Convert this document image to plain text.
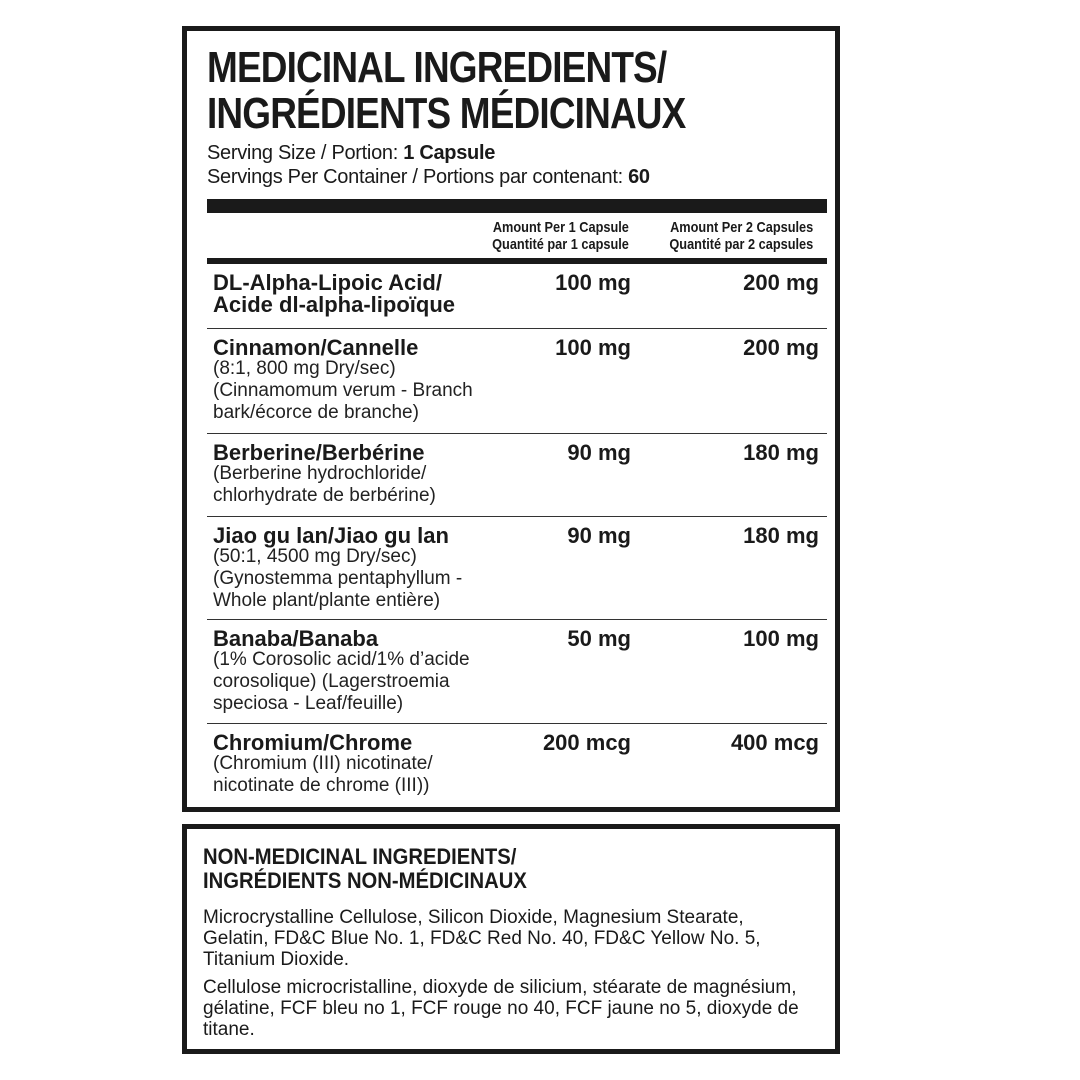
MEDICINAL INGREDIENTS/
INGRÉDIENTS MÉDICINAUX
Serving Size / Portion: 1 Capsule
Servings Per Container / Portions par contenant: 60
Amount Per 1 Capsule
Quantité par 1 capsule
Amount Per 2 Capsules
Quantité par 2 capsules
DL-Alpha-Lipoic Acid/
Acide dl-alpha-lipoïque
100 mg	200 mg
Cinnamon/Cannelle
(8:1, 800 mg Dry/sec)
(Cinnamomum verum - Branch
bark/écorce de branche)
100 mg	200 mg
Berberine/Berbérine
(Berberine hydrochloride/
chlorhydrate de berbérine)
90 mg	180 mg
Jiao gu lan/Jiao gu lan
(50:1, 4500 mg Dry/sec)
(Gynostemma pentaphyllum -
Whole plant/plante entière)
90 mg	180 mg
Banaba/Banaba
(1% Corosolic acid/1% d’acide
corosolique) (Lagerstroemia
speciosa - Leaf/feuille)
50 mg	100 mg
Chromium/Chrome
(Chromium (III) nicotinate/
nicotinate de chrome (III))
200 mcg	400 mcg
NON-MEDICINAL INGREDIENTS/
INGRÉDIENTS NON-MÉDICINAUX

Microcrystalline Cellulose, Silicon Dioxide, Magnesium Stearate, Gelatin, FD&C Blue No. 1, FD&C Red No. 40, FD&C Yellow No. 5, Titanium Dioxide.

Cellulose microcristalline, dioxyde de silicium, stéarate de magnésium, gélatine, FCF bleu no 1, FCF rouge no 40, FCF jaune no 5, dioxyde de titane.
